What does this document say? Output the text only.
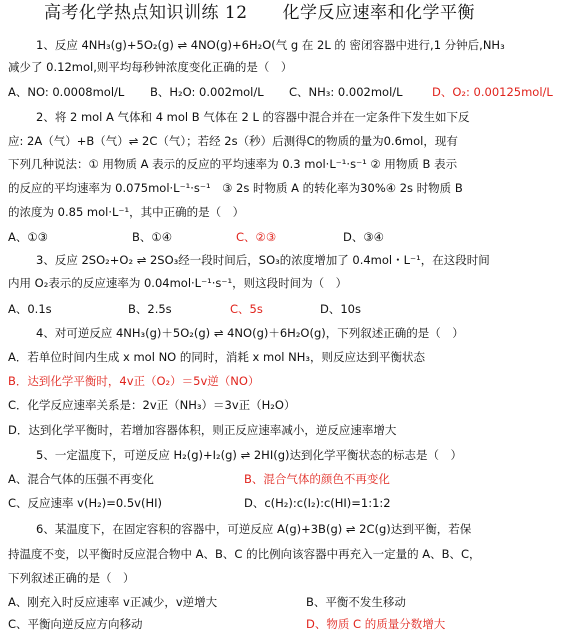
高考化学热点知识训练 12　　化学反应速率和化学平衡
1、反应 4NH₃(g)+5O₂(g) ⇌ 4NO(g)+6H₂O(气 g 在 2L 的 密闭容器中进行,1 分钟后,NH₃
减少了 0.12mol,则平均每秒钟浓度变化正确的是（　）
A、NO: 0.0008mol/L B、H₂O: 0.002mol/L C、NH₃: 0.002mol/L	D、O₂: 0.00125mol/L
2、将 2 mol A 气体和 4 mol B 气体在 2 L 的容器中混合并在一定条件下发生如下反
应: 2A（气）+B（气）⇌ 2C（气）；若经 2s（秒）后测得C的物质的量为0.6mol，现有
下列几种说法：① 用物质 A 表示的反应的平均速率为 0.3 mol·L⁻¹·s⁻¹ ② 用物质 B 表示
的反应的平均速率为 0.075mol·L⁻¹·s⁻¹　③ 2s 时物质 A 的转化率为30%④ 2s 时物质 B
的浓度为 0.85 mol·L⁻¹，其中正确的是（　）
A、①③	B、①④	C、②③	D、③④
3、反应 2SO₂+O₂ ⇌ 2SO₃经一段时间后，SO₃的浓度增加了 0.4mol・L⁻¹，在这段时间
内用 O₂表示的反应速率为 0.04mol·L⁻¹·s⁻¹，则这段时间为（　）
A、0.1s	B、2.5s	C、5s	D、10s
4、对可逆反应 4NH₃(g)＋5O₂(g) ⇌ 4NO(g)＋6H₂O(g)，下列叙述正确的是（　）
A．若单位时间内生成 x mol NO 的同时，消耗 x mol NH₃，则反应达到平衡状态
B．达到化学平衡时，4v正（O₂）＝5v逆（NO）
C．化学反应速率关系是：2v正（NH₃）＝3v正（H₂O）
D．达到化学平衡时，若增加容器体积，则正反应速率减小，逆反应速率增大
5、一定温度下，可逆反应 H₂(g)+I₂(g) ⇌ 2HI(g)达到化学平衡状态的标志是（　）
A、混合气体的压强不再变化	B、混合气体的颜色不再变化
C、反应速率 v(H₂)=0.5v(HI)	D、c(H₂):c(I₂):c(HI)=1:1:2
6、某温度下，在固定容积的容器中，可逆反应 A(g)+3B(g) ⇌ 2C(g)达到平衡，若保
持温度不变，以平衡时反应混合物中 A、B、C 的比例向该容器中再充入一定量的 A、B、C，
下列叙述正确的是（　）
A、刚充入时反应速率 v正减少，v逆增大	B、平衡不发生移动
C、平衡向逆反应方向移动	D、物质 C 的质量分数增大
